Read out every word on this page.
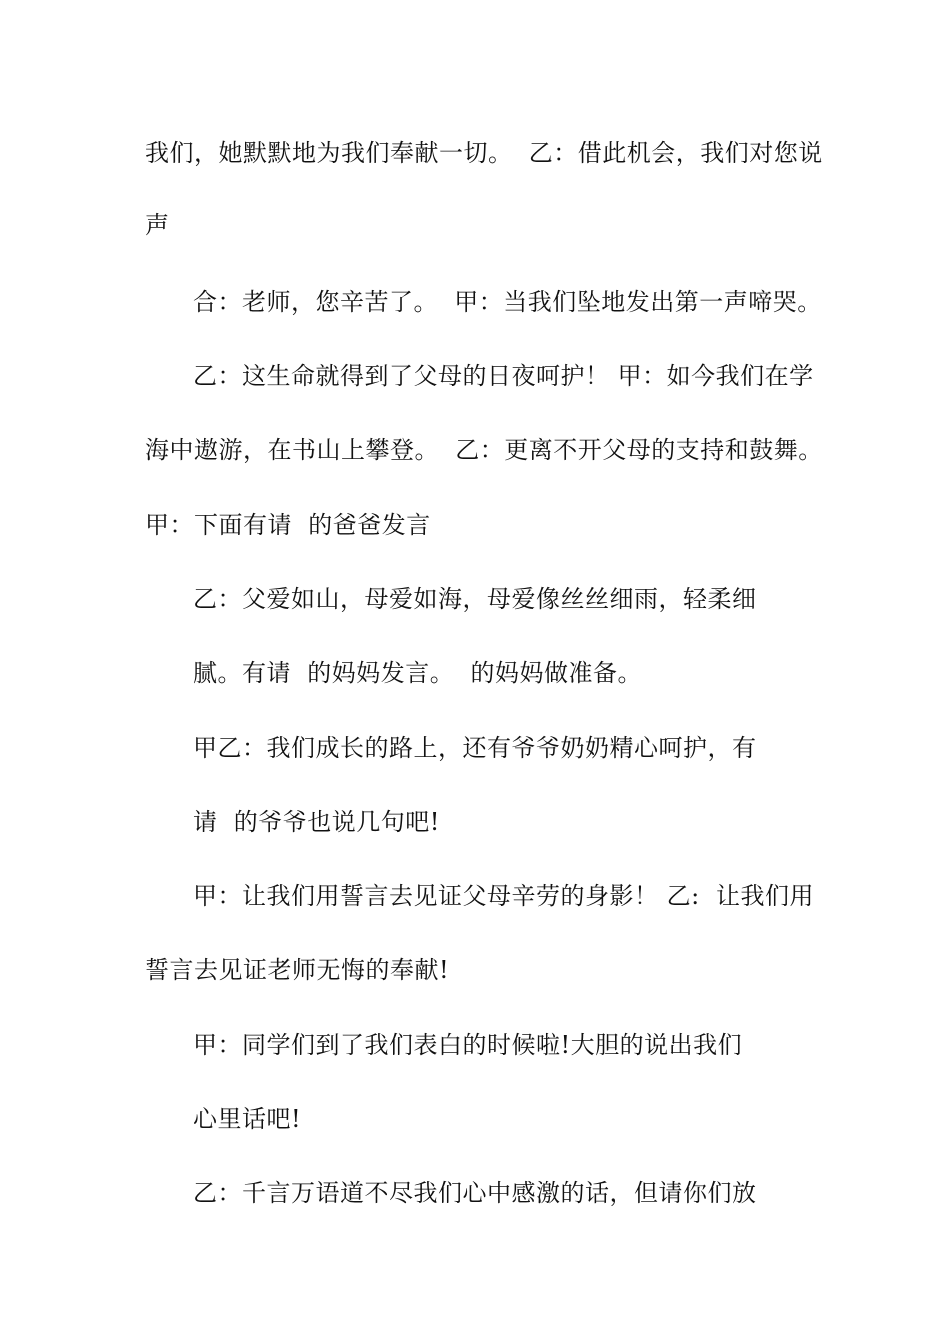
我们，她默默地为我们奉献一切。  乙：借此机会，我们对您说
声
合：老师，您辛苦了。  甲：当我们坠地发出第一声啼哭。
乙：这生命就得到了父母的日夜呵护！ 甲：如今我们在学
海中遨游，在书山上攀登。  乙：更离不开父母的支持和鼓舞。
甲：下面有请  的爸爸发言
乙：父爱如山，母爱如海，母爱像丝丝细雨，轻柔细
腻。有请  的妈妈发言。  的妈妈做准备。
甲乙：我们成长的路上，还有爷爷奶奶精心呵护，有
请  的爷爷也说几句吧!
甲：让我们用誓言去见证父母辛劳的身影！ 乙:  让我们用
誓言去见证老师无悔的奉献!
甲：同学们到了我们表白的时候啦!大胆的说出我们
心里话吧!
乙：千言万语道不尽我们心中感激的话，但请你们放
